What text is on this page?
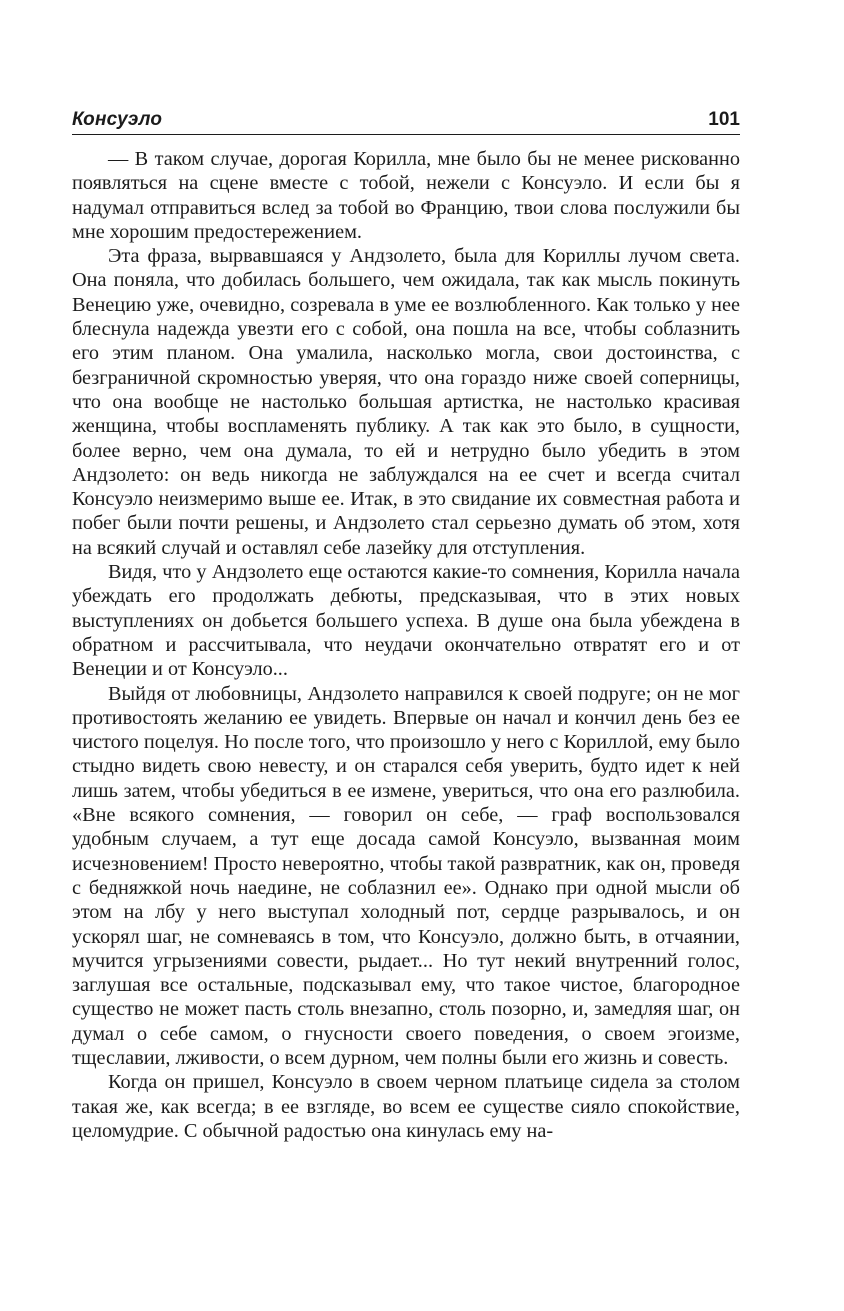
Консуэло	101

— В таком случае, дорогая Корилла, мне было бы не менее рискованно появляться на сцене вместе с тобой, нежели с Консуэло. И если бы я надумал отправиться вслед за тобой во Францию, твои слова послужили бы мне хорошим предостережением.

Эта фраза, вырвавшаяся у Андзолето, была для Кориллы лучом света. Она поняла, что добилась большего, чем ожидала, так как мысль покинуть Венецию уже, очевидно, созревала в уме ее возлюбленного. Как только у нее блеснула надежда увезти его с собой, она пошла на все, чтобы соблазнить его этим планом. Она умалила, насколько могла, свои достоинства, с безграничной скромностью уверяя, что она гораздо ниже своей соперницы, что она вообще не настолько большая артистка, не настолько красивая женщина, чтобы воспламенять публику. А так как это было, в сущности, более верно, чем она думала, то ей и нетрудно было убедить в этом Андзолето: он ведь никогда не заблуждался на ее счет и всегда считал Консуэло неизмеримо выше ее. Итак, в это свидание их совместная работа и побег были почти решены, и Андзолето стал серьезно думать об этом, хотя на всякий случай и оставлял себе лазейку для отступления.

Видя, что у Андзолето еще остаются какие-то сомнения, Корилла начала убеждать его продолжать дебюты, предсказывая, что в этих новых выступлениях он добьется большего успеха. В душе она была убеждена в обратном и рассчитывала, что неудачи окончательно отвратят его и от Венеции и от Консуэло...

Выйдя от любовницы, Андзолето направился к своей подруге; он не мог противостоять желанию ее увидеть. Впервые он начал и кончил день без ее чистого поцелуя. Но после того, что произошло у него с Кориллой, ему было стыдно видеть свою невесту, и он старался себя уверить, будто идет к ней лишь затем, чтобы убедиться в ее измене, увериться, что она его разлюбила. «Вне всякого сомнения, — говорил он себе, — граф воспользовался удобным случаем, а тут еще досада самой Консуэло, вызванная моим исчезновением! Просто невероятно, чтобы такой развратник, как он, проведя с бедняжкой ночь наедине, не соблазнил ее». Однако при одной мысли об этом на лбу у него выступал холодный пот, сердце разрывалось, и он ускорял шаг, не сомневаясь в том, что Консуэло, должно быть, в отчаянии, мучится угрызениями совести, рыдает... Но тут некий внутренний голос, заглушая все остальные, подсказывал ему, что такое чистое, благородное существо не может пасть столь внезапно, столь позорно, и, замедляя шаг, он думал о себе самом, о гнусности своего поведения, о своем эгоизме, тщеславии, лживости, о всем дурном, чем полны были его жизнь и совесть.

Когда он пришел, Консуэло в своем черном платьице сидела за столом такая же, как всегда; в ее взгляде, во всем ее существе сияло спокойствие, целомудрие. С обычной радостью она кинулась ему на-
